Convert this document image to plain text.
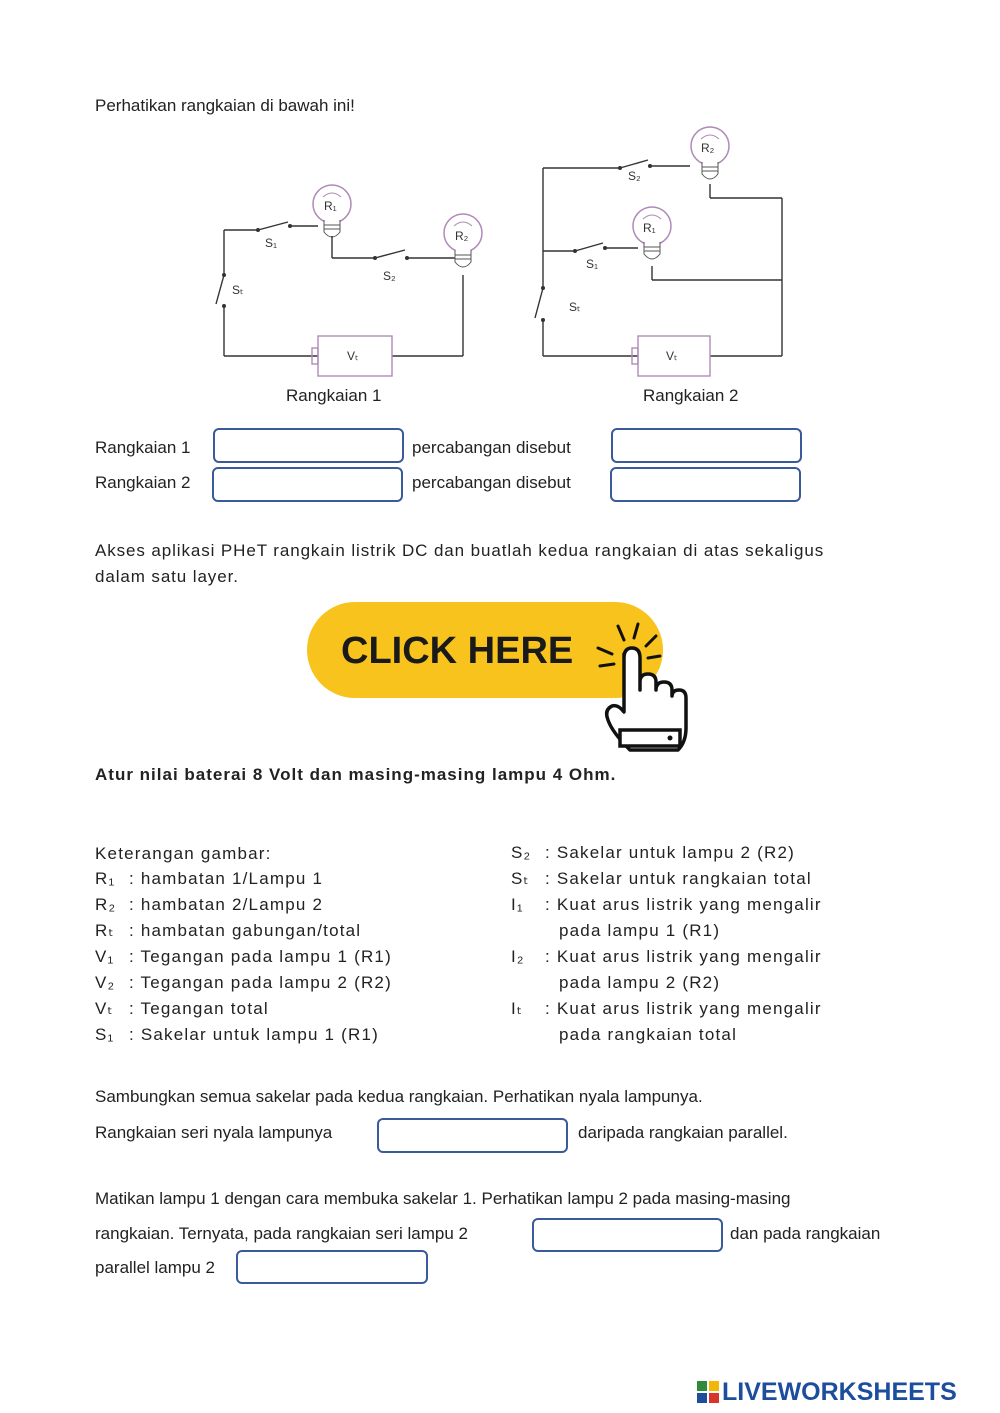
Perhatikan rangkaian di bawah ini!
R₁
R₂
S₁
S₂
Sₜ
Vₜ
Rangkaian 1
R₂
R₁
S₂
S₁
Sₜ
Vₜ
Rangkaian 2
Rangkaian 1	percabangan disebut
Rangkaian 2	percabangan disebut
Akses aplikasi PHeT rangkain listrik DC dan buatlah kedua rangkaian di atas sekaligus
dalam satu layer.
CLICK HERE
Atur nilai baterai 8 Volt dan masing-masing lampu 4 Ohm.
Keterangan gambar:
R₁ : hambatan 1/Lampu 1
R₂ : hambatan 2/Lampu 2
Rₜ : hambatan gabungan/total
V₁ : Tegangan pada lampu 1 (R1)
V₂ : Tegangan pada lampu 2 (R2)
Vₜ : Tegangan total
S₁ : Sakelar untuk lampu 1 (R1)
S₂ : Sakelar untuk lampu 2 (R2)
Sₜ : Sakelar untuk rangkaian total
I₁ : Kuat arus listrik yang mengalir
pada lampu 1 (R1)
I₂ : Kuat arus listrik yang mengalir
pada lampu 2 (R2)
Iₜ : Kuat arus listrik yang mengalir
pada rangkaian total
Sambungkan semua sakelar pada kedua rangkaian. Perhatikan nyala lampunya.
Rangkaian seri nyala lampunya	daripada rangkaian parallel.
Matikan lampu 1 dengan cara membuka sakelar 1. Perhatikan lampu 2 pada masing-masing
rangkaian. Ternyata, pada rangkaian seri lampu 2	dan pada rangkaian
parallel lampu 2
LIVEWORKSHEETS
